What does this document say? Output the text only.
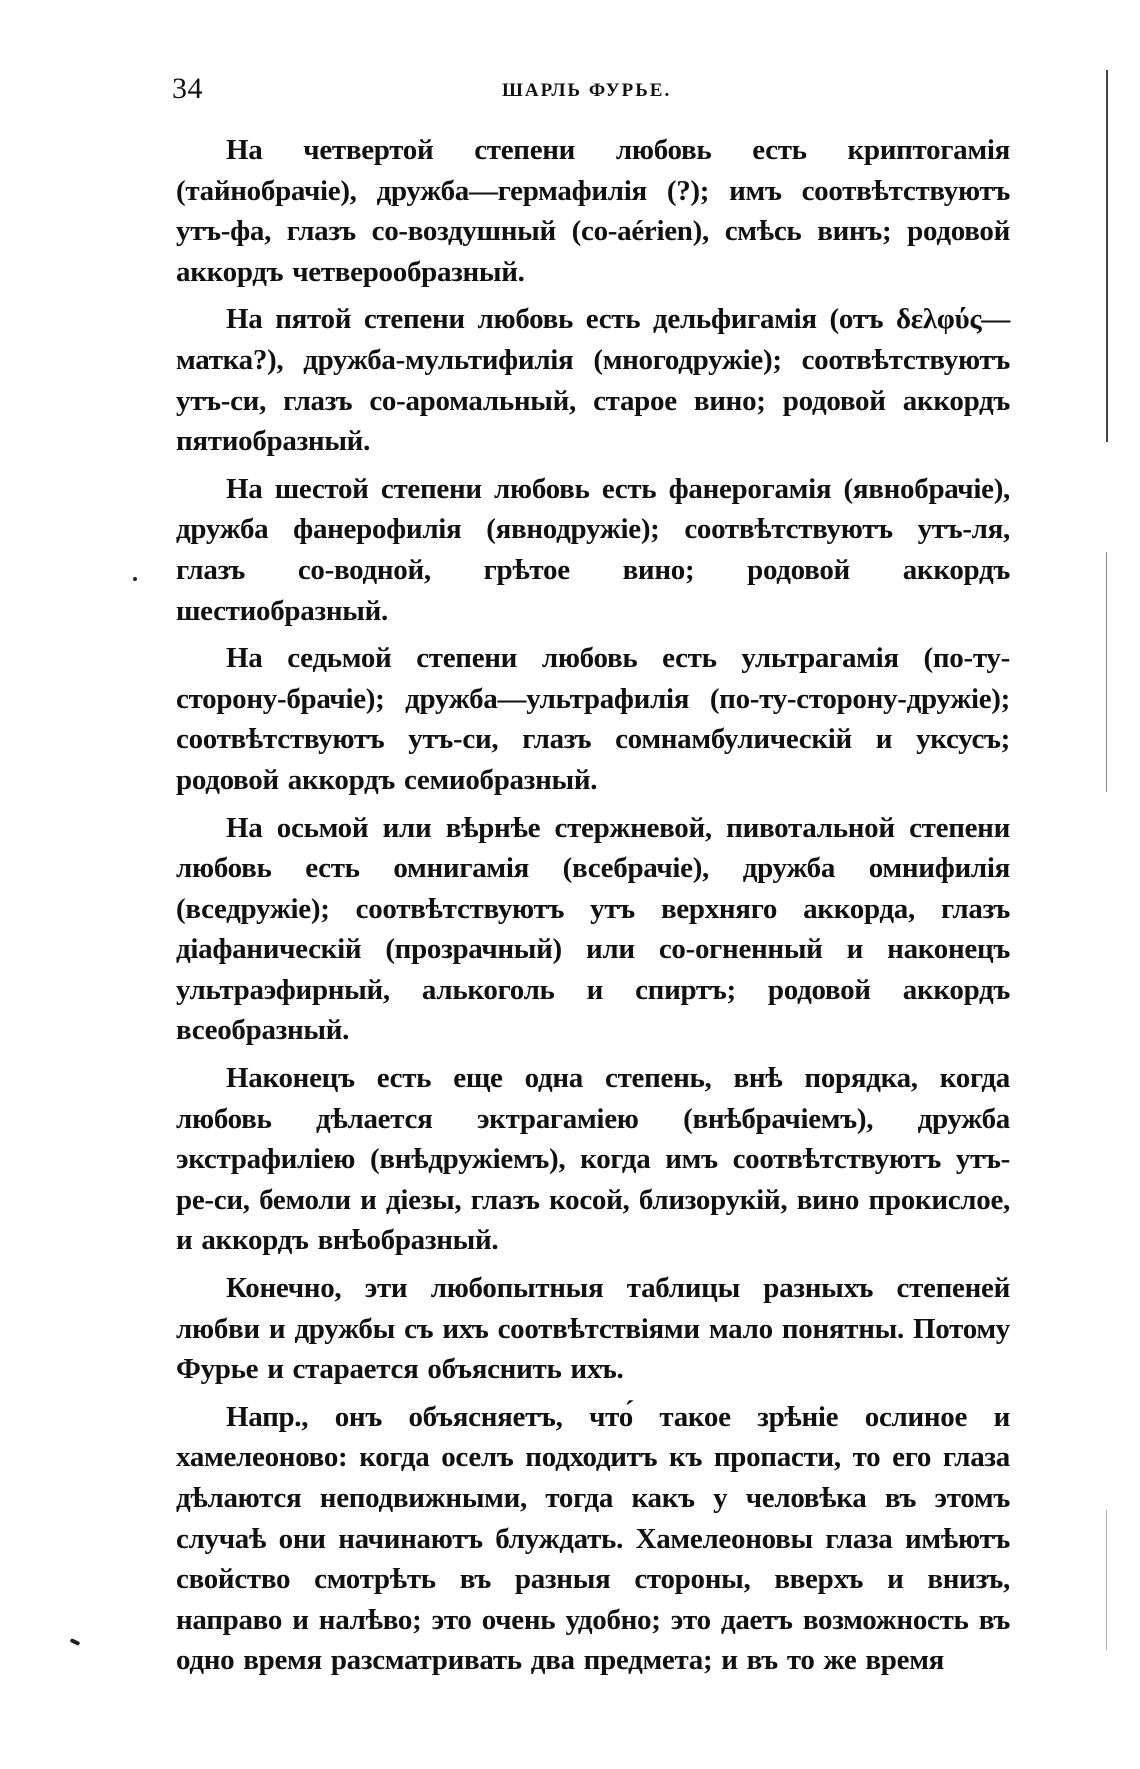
34	ШАРЛЬ ФУРЬЕ.

На четвертой степени любовь есть криптогамія (тайнобрачіе), дружба—гермафилія (?); имъ соотвѣтствуютъ утъ-фа, глазъ со-воздушный (со-aérien), смѣсь винъ; родовой аккордъ четверообразный.

На пятой степени любовь есть дельфигамія (отъ δελφύς—матка?), дружба-мультифилія (многодружіе); соотвѣтствуютъ утъ-си, глазъ со-аромальный, старое вино; родовой аккордъ пятиобразный.

На шестой степени любовь есть фанерогамія (явнобрачіе), дружба фанерофилія (явнодружіе); соотвѣтствуютъ утъ-ля, глазъ со-водной, грѣтое вино; родовой аккордъ шестиобразный.

На седьмой степени любовь есть ультрагамія (по-ту-сторону-брачіе); дружба—ультрафилія (по-ту-сторону-дружіе); соотвѣтствуютъ утъ-си, глазъ сомнамбулическій и уксусъ; родовой аккордъ семиобразный.

На осьмой или вѣрнѣе стержневой, пивотальной степени любовь есть омнигамія (всебрачіе), дружба омнифилія (вседружіе); соотвѣтствуютъ утъ верхняго аккорда, глазъ діафаническій (прозрачный) или со-огненный и наконецъ ультраэфирный, алькоголь и спиртъ; родовой аккордъ всеобразный.

Наконецъ есть еще одна степень, внѣ порядка, когда любовь дѣлается эктрагаміею (внѣбрачіемъ), дружба экстрафиліею (внѣдружіемъ), когда имъ соотвѣтствуютъ утъ-ре-си, бемоли и діезы, глазъ косой, близорукій, вино прокислое, и аккордъ внѣобразный.

Конечно, эти любопытныя таблицы разныхъ степеней любви и дружбы съ ихъ соотвѣтствіями мало понятны. Потому Фурье и старается объяснить ихъ.

Напр., онъ объясняетъ, что́ такое зрѣніе ослиное и хамелеоново: когда оселъ подходитъ къ пропасти, то его глаза дѣлаются неподвижными, тогда какъ у человѣка въ этомъ случаѣ они начинаютъ блуждать. Хамелеоновы глаза имѣютъ свойство смотрѣть въ разныя стороны, вверхъ и внизъ, направо и налѣво; это очень удобно; это даетъ возможность въ одно время разсматривать два предмета; и въ то же время
